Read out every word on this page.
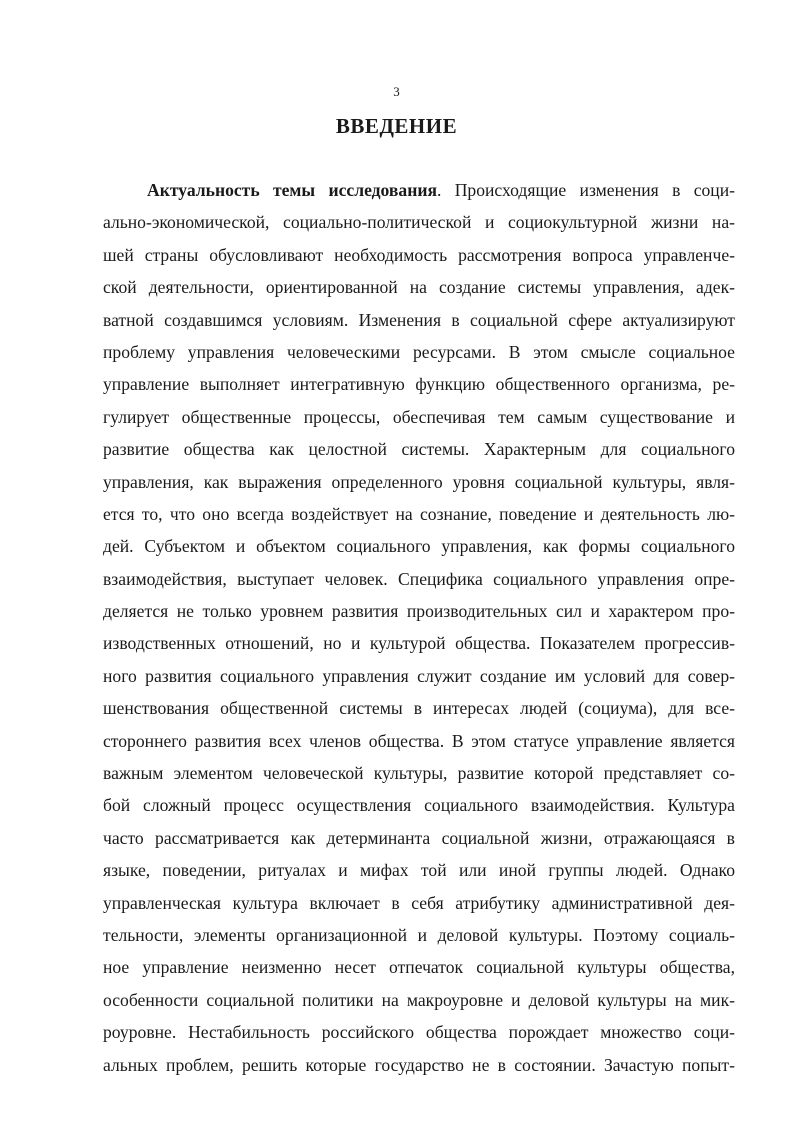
3
ВВЕДЕНИЕ
Актуальность темы исследования. Происходящие изменения в соци-
ально-экономической, социально-политической и социокультурной жизни на-
шей страны обусловливают необходимость рассмотрения вопроса управленче-
ской деятельности, ориентированной на создание системы управления, адек-
ватной создавшимся условиям. Изменения в социальной сфере актуализируют
проблему управления человеческими ресурсами. В этом смысле социальное
управление выполняет интегративную функцию общественного организма, ре-
гулирует общественные процессы, обеспечивая тем самым существование и
развитие общества как целостной системы. Характерным для социального
управления, как выражения определенного уровня социальной культуры, явля-
ется то, что оно всегда воздействует на сознание, поведение и деятельность лю-
дей. Субъектом и объектом социального управления, как формы социального
взаимодействия, выступает человек. Специфика социального управления опре-
деляется не только уровнем развития производительных сил и характером про-
изводственных отношений, но и культурой общества. Показателем прогрессив-
ного развития социального управления служит создание им условий для совер-
шенствования общественной системы в интересах людей (социума), для все-
стороннего развития всех членов общества. В этом статусе управление является
важным элементом человеческой культуры, развитие которой представляет со-
бой сложный процесс осуществления социального взаимодействия. Культура
часто рассматривается как детерминанта социальной жизни, отражающаяся в
языке, поведении, ритуалах и мифах той или иной группы людей. Однако
управленческая культура включает в себя атрибутику административной дея-
тельности, элементы организационной и деловой культуры. Поэтому социаль-
ное управление неизменно несет отпечаток социальной культуры общества,
особенности социальной политики на макроуровне и деловой культуры на мик-
роуровне. Нестабильность российского общества порождает множество соци-
альных проблем, решить которые государство не в состоянии. Зачастую попыт-
